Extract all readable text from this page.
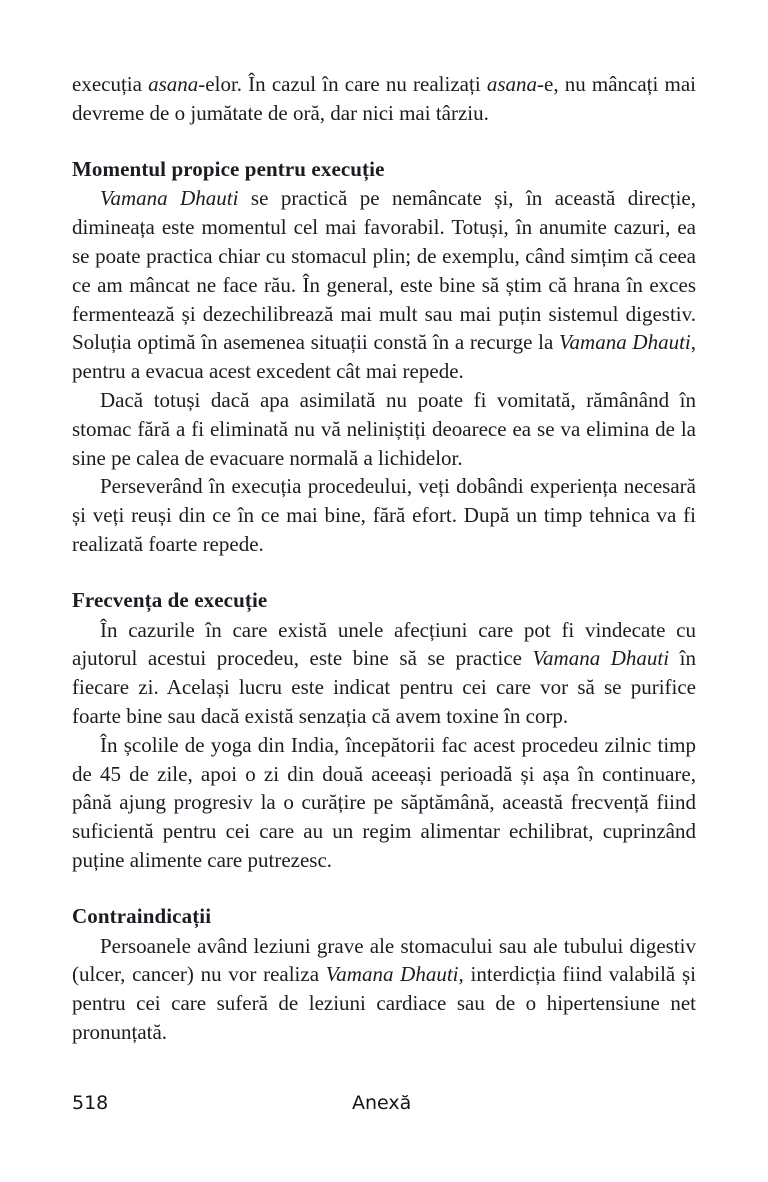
execuția asana-elor. În cazul în care nu realizați asana-e, nu mâncați mai devreme de o jumătate de oră, dar nici mai târziu.

Momentul propice pentru execuție

Vamana Dhauti se practică pe nemâncate și, în această direcție, dimineața este momentul cel mai favorabil. Totuși, în anumite cazuri, ea se poate practica chiar cu stomacul plin; de exemplu, când simțim că ceea ce am mâncat ne face rău. În general, este bine să știm că hrana în exces fermentează și dezechilibrează mai mult sau mai puțin sistemul digestiv. Soluția optimă în asemenea situații constă în a recurge la Vamana Dhauti, pentru a evacua acest excedent cât mai repede.

Dacă totuși dacă apa asimilată nu poate fi vomitată, rămânând în stomac fără a fi eliminată nu vă neliniștiți deoarece ea se va elimina de la sine pe calea de evacuare normală a lichidelor.

Perseverând în execuția procedeului, veți dobândi experiența necesară și veți reuși din ce în ce mai bine, fără efort. După un timp tehnica va fi realizată foarte repede.

Frecvența de execuție

În cazurile în care există unele afecțiuni care pot fi vindecate cu ajutorul acestui procedeu, este bine să se practice Vamana Dhauti în fiecare zi. Același lucru este indicat pentru cei care vor să se purifice foarte bine sau dacă există senzația că avem toxine în corp.

În școlile de yoga din India, începătorii fac acest procedeu zilnic timp de 45 de zile, apoi o zi din două aceeași perioadă și așa în continuare, până ajung progresiv la o curățire pe săptămână, această frecvență fiind suficientă pentru cei care au un regim alimentar echilibrat, cuprinzând puține alimente care putrezesc.

Contraindicații

Persoanele având leziuni grave ale stomacului sau ale tubului digestiv (ulcer, cancer) nu vor realiza Vamana Dhauti, interdicția fiind valabilă și pentru cei care suferă de leziuni cardiace sau de o hipertensiune net pronunțată.

518	Anexă
